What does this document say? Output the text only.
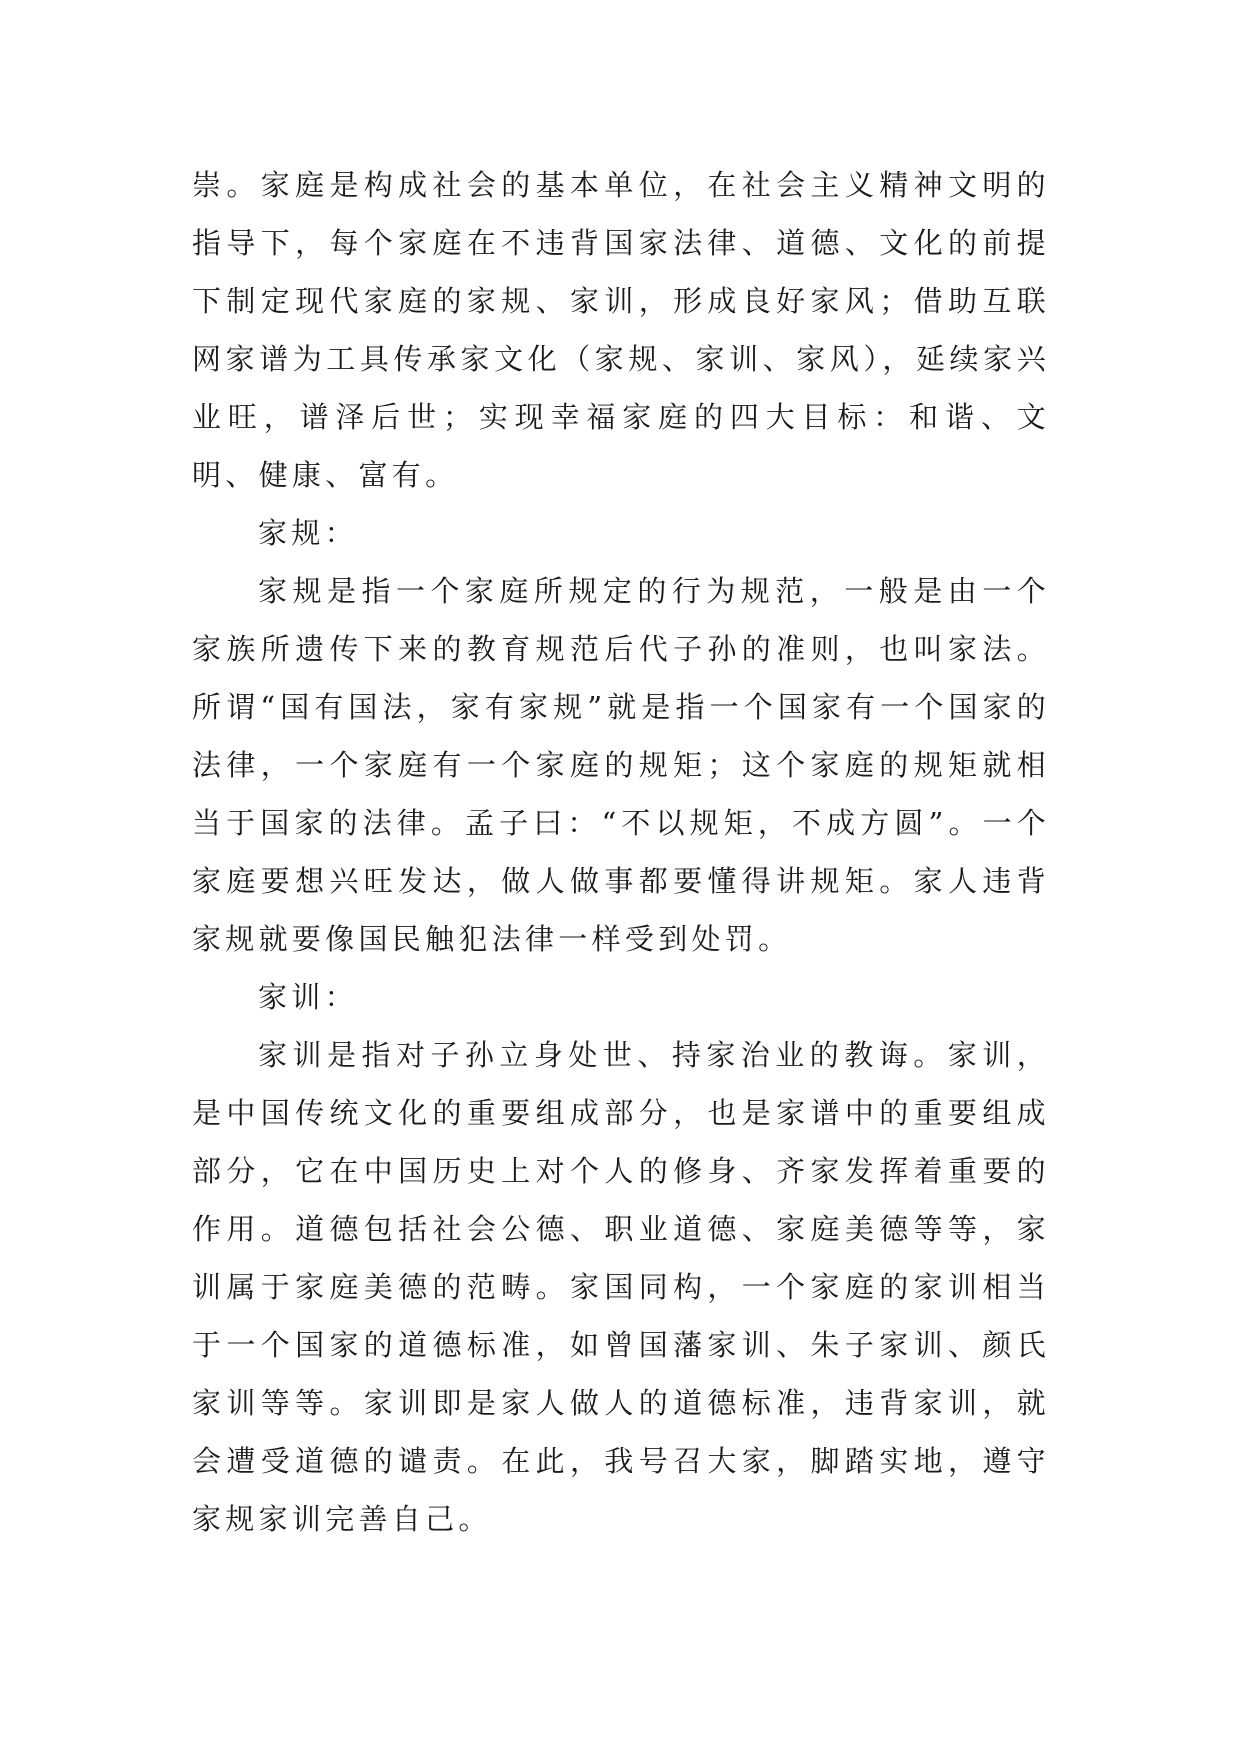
崇。家庭是构成社会的基本单位，在社会主义精神文明的指导下，每个家庭在不违背国家法律、道德、文化的前提下制定现代家庭的家规、家训，形成良好家风；借助互联网家谱为工具传承家文化（家规、家训、家风），延续家兴业旺，谱泽后世；实现幸福家庭的四大目标：和谐、文明、健康、富有。

家规：

家规是指一个家庭所规定的行为规范，一般是由一个家族所遗传下来的教育规范后代子孙的准则，也叫家法。所谓“国有国法，家有家规”就是指一个国家有一个国家的法律，一个家庭有一个家庭的规矩；这个家庭的规矩就相当于国家的法律。孟子曰：“不以规矩，不成方圆”。一个家庭要想兴旺发达，做人做事都要懂得讲规矩。家人违背家规就要像国民触犯法律一样受到处罚。

家训：

家训是指对子孙立身处世、持家治业的教诲。家训，是中国传统文化的重要组成部分，也是家谱中的重要组成部分，它在中国历史上对个人的修身、齐家发挥着重要的作用。道德包括社会公德、职业道德、家庭美德等等，家训属于家庭美德的范畴。家国同构，一个家庭的家训相当于一个国家的道德标准，如曾国藩家训、朱子家训、颜氏家训等等。家训即是家人做人的道德标准，违背家训，就会遭受道德的谴责。在此，我号召大家，脚踏实地，遵守家规家训完善自己。
